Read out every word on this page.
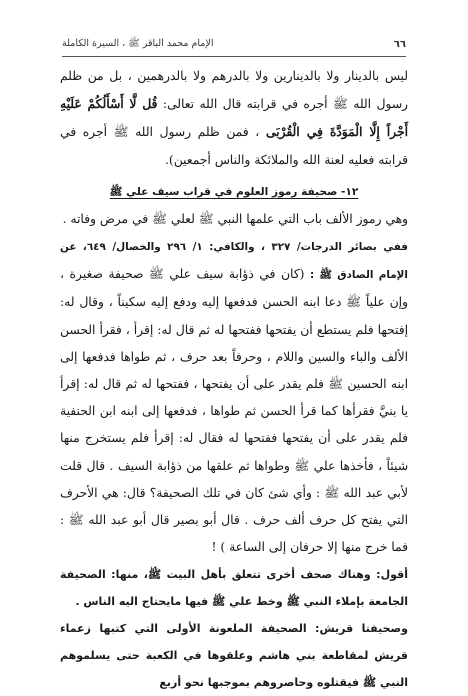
٦٦
الإمام محمد الباقر ﷺ ، السيرة الكاملة

ليس بالدينار ولا بالدينارين ولا بالدرهم ولا بالدرهمين ، بل من ظلم رسول الله ﷺ أجره في قرابته قال الله تعالى: قُل لَّا أَسْأَلُكُمْ عَلَيْهِ أَجْراً إِلَّا الْمَوَدَّةَ فِي الْقُرْبَى ، فمن ظلم رسول الله ﷺ أجره في قرابته فعليه لعنة الله والملائكة والناس أجمعين).

١٢- صحيفة رموز العلوم في قراب سيف علي ﷺ

وهي رموز الألف باب التي علمها النبي ﷺ لعلي ﷺ في مرض وفاته .

ففي بصائر الدرجات/ ٣٢٧ ، والكافي: ١/ ٢٩٦ والخصال/ ٦٤٩، عن الإمام الصادق ﷺ : (كان في ذؤابة سيف علي ﷺ صحيفة صغيرة ، وإن علياً ﷺ دعا ابنه الحسن فدفعها إليه ودفع إليه سكيناً ، وقال له: إفتحها فلم يستطع أن يفتحها ففتحها له ثم قال له: إقرأ ، فقرأ الحسن الألف والباء والسين واللام ، وحرفاً بعد حرف ، ثم طواها فدفعها إلى ابنه الحسين ﷺ فلم يقدر على أن يفتحها ، ففتحها له ثم قال له: إقرأ يا بنيَّ فقرأها كما قرأ الحسن ثم طواها ، فدفعها إلى ابنه ابن الحنفية فلم يقدر على أن يفتحها ففتحها له فقال له: إقرأ فلم يستخرج منها شيئاً ، فأخذها علي ﷺ وطواها ثم علقها من ذؤابة السيف . قال قلت لأبي عبد الله ﷺ : وأي شئ كان في تلك الصحيفة؟ قال: هي الأحرف التي يفتح كل حرف ألف حرف . قال أبو بصير قال أبو عبد الله ﷺ : فما خرج منها إلا حرفان إلى الساعة ) !

أقول: وهناك صحف أخرى تتعلق بأهل البيت ﷺ، منها: الصحيفة الجامعة بإملاء النبي ﷺ وخط علي ﷺ فيها مايحتاج اليه الناس .

وصحيفتا قريش: الصحيفة الملعونة الأولى التي كتبها زعماء قريش لمقاطعة بني هاشم وعلقوها في الكعبة حتى يسلموهم النبي ﷺ فيقتلوه وحاصروهم بموجبها نحو أربع
